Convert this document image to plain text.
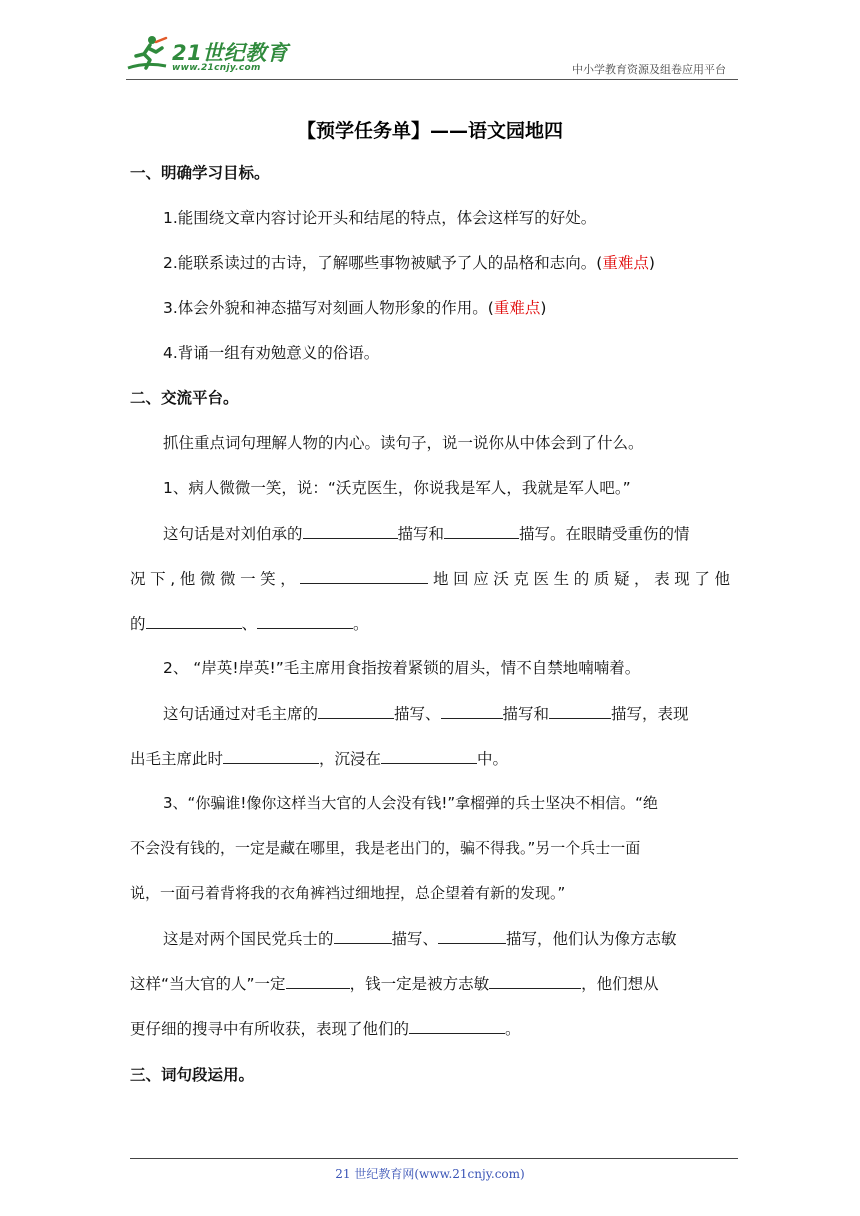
21世纪教育
www.21cnjy.com	中小学教育资源及组卷应用平台
【预学任务单】——语文园地四
一、明确学习目标。
1.能围绕文章内容讨论开头和结尾的特点，体会这样写的好处。
2.能联系读过的古诗，了解哪些事物被赋予了人的品格和志向。(重难点)
3.体会外貌和神态描写对刻画人物形象的作用。(重难点)
4.背诵一组有劝勉意义的俗语。
二、交流平台。
抓住重点词句理解人物的内心。读句子，说一说你从中体会到了什么。
1、病人微微一笑，说：“沃克医生，你说我是军人，我就是军人吧。”
这句话是对刘伯承的	描写和	描写。在眼睛受重伤的情
况下,他微微一笑，	地回应沃克医生的质疑，表现了他
的	、	。
2、 “岸英!岸英!”毛主席用食指按着紧锁的眉头，情不自禁地喃喃着。
这句话通过对毛主席的	描写、	描写和	描写，表现
出毛主席此时	，沉浸在	中。
3、“你骗谁!像你这样当大官的人会没有钱!”拿榴弹的兵士坚决不相信。“绝
不会没有钱的，一定是藏在哪里，我是老出门的，骗不得我。”另一个兵士一面
说，一面弓着背将我的衣角裤裆过细地捏，总企望着有新的发现。”
这是对两个国民党兵士的	描写、	描写，他们认为像方志敏
这样“当大官的人”一定	，钱一定是被方志敏	，他们想从
更仔细的搜寻中有所收获，表现了他们的	。
三、词句段运用。
21 世纪教育网(www.21cnjy.com)
